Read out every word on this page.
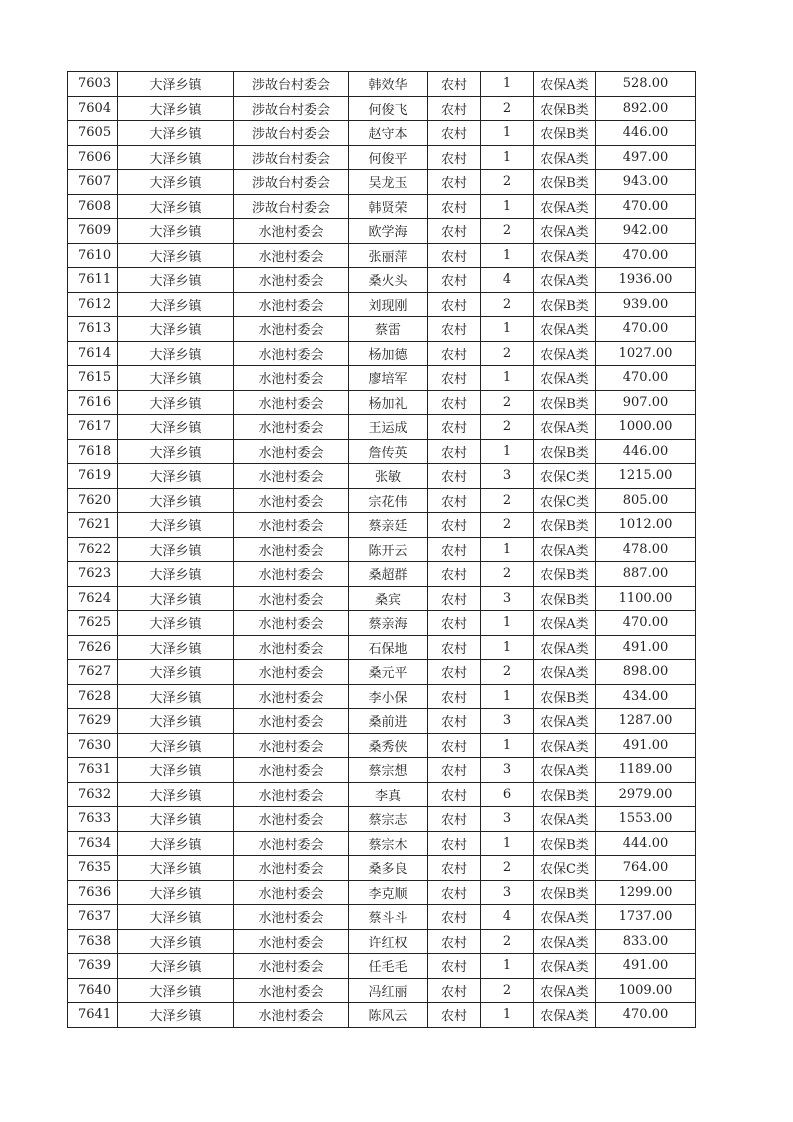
7603	大泽乡镇	涉故台村委会	韩效华	农村	1	农保A类	528.00
7604	大泽乡镇	涉故台村委会	何俊飞	农村	2	农保B类	892.00
7605	大泽乡镇	涉故台村委会	赵守本	农村	1	农保B类	446.00
7606	大泽乡镇	涉故台村委会	何俊平	农村	1	农保A类	497.00
7607	大泽乡镇	涉故台村委会	吴龙玉	农村	2	农保B类	943.00
7608	大泽乡镇	涉故台村委会	韩贤荣	农村	1	农保A类	470.00
7609	大泽乡镇	水池村委会	欧学海	农村	2	农保A类	942.00
7610	大泽乡镇	水池村委会	张丽萍	农村	1	农保A类	470.00
7611	大泽乡镇	水池村委会	桑火头	农村	4	农保A类	1936.00
7612	大泽乡镇	水池村委会	刘现刚	农村	2	农保B类	939.00
7613	大泽乡镇	水池村委会	蔡雷	农村	1	农保A类	470.00
7614	大泽乡镇	水池村委会	杨加德	农村	2	农保A类	1027.00
7615	大泽乡镇	水池村委会	廖培军	农村	1	农保A类	470.00
7616	大泽乡镇	水池村委会	杨加礼	农村	2	农保B类	907.00
7617	大泽乡镇	水池村委会	王运成	农村	2	农保A类	1000.00
7618	大泽乡镇	水池村委会	詹传英	农村	1	农保B类	446.00
7619	大泽乡镇	水池村委会	张敏	农村	3	农保C类	1215.00
7620	大泽乡镇	水池村委会	宗花伟	农村	2	农保C类	805.00
7621	大泽乡镇	水池村委会	蔡亲廷	农村	2	农保B类	1012.00
7622	大泽乡镇	水池村委会	陈开云	农村	1	农保A类	478.00
7623	大泽乡镇	水池村委会	桑超群	农村	2	农保B类	887.00
7624	大泽乡镇	水池村委会	桑宾	农村	3	农保B类	1100.00
7625	大泽乡镇	水池村委会	蔡亲海	农村	1	农保A类	470.00
7626	大泽乡镇	水池村委会	石保地	农村	1	农保A类	491.00
7627	大泽乡镇	水池村委会	桑元平	农村	2	农保A类	898.00
7628	大泽乡镇	水池村委会	李小保	农村	1	农保B类	434.00
7629	大泽乡镇	水池村委会	桑前进	农村	3	农保A类	1287.00
7630	大泽乡镇	水池村委会	桑秀侠	农村	1	农保A类	491.00
7631	大泽乡镇	水池村委会	蔡宗想	农村	3	农保A类	1189.00
7632	大泽乡镇	水池村委会	李真	农村	6	农保B类	2979.00
7633	大泽乡镇	水池村委会	蔡宗志	农村	3	农保A类	1553.00
7634	大泽乡镇	水池村委会	蔡宗木	农村	1	农保B类	444.00
7635	大泽乡镇	水池村委会	桑多良	农村	2	农保C类	764.00
7636	大泽乡镇	水池村委会	李克顺	农村	3	农保B类	1299.00
7637	大泽乡镇	水池村委会	蔡斗斗	农村	4	农保A类	1737.00
7638	大泽乡镇	水池村委会	许红权	农村	2	农保A类	833.00
7639	大泽乡镇	水池村委会	任毛毛	农村	1	农保A类	491.00
7640	大泽乡镇	水池村委会	冯红丽	农村	2	农保A类	1009.00
7641	大泽乡镇	水池村委会	陈风云	农村	1	农保A类	470.00
